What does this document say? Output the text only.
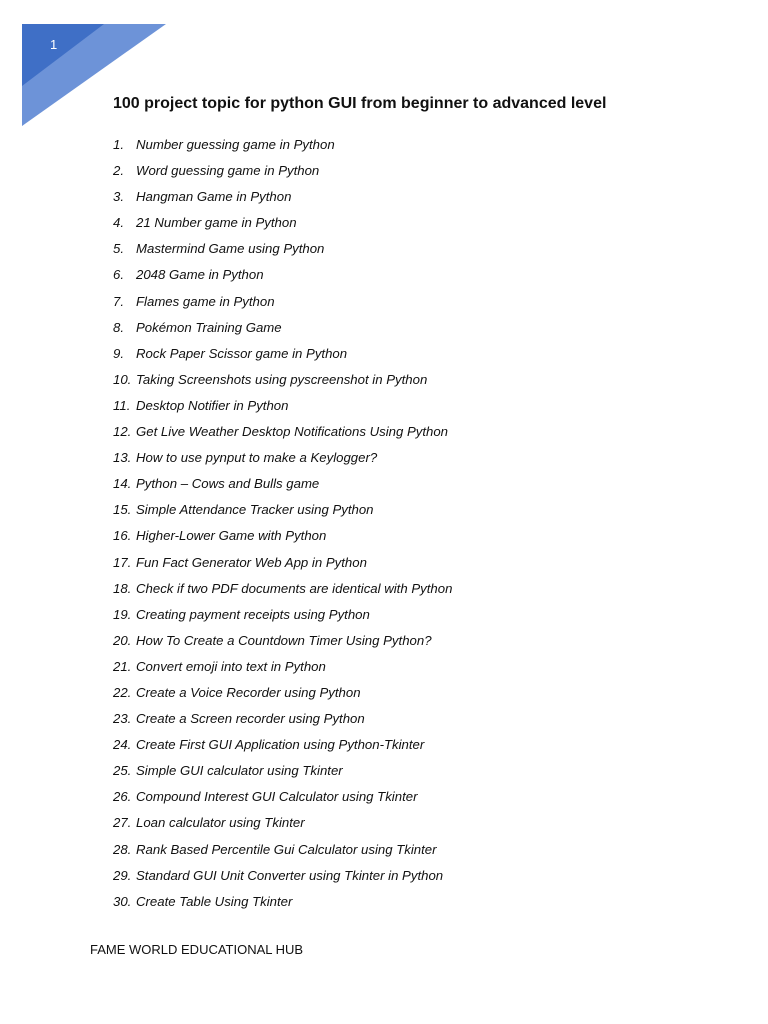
1
100 project topic for python GUI from beginner to advanced level
1. Number guessing game in Python
2. Word guessing game in Python
3. Hangman Game in Python
4. 21 Number game in Python
5. Mastermind Game using Python
6. 2048 Game in Python
7. Flames game in Python
8. Pokémon Training Game
9. Rock Paper Scissor game in Python
10. Taking Screenshots using pyscreenshot in Python
11. Desktop Notifier in Python
12. Get Live Weather Desktop Notifications Using Python
13. How to use pynput to make a Keylogger?
14. Python – Cows and Bulls game
15. Simple Attendance Tracker using Python
16. Higher-Lower Game with Python
17. Fun Fact Generator Web App in Python
18. Check if two PDF documents are identical with Python
19. Creating payment receipts using Python
20. How To Create a Countdown Timer Using Python?
21. Convert emoji into text in Python
22. Create a Voice Recorder using Python
23. Create a Screen recorder using Python
24. Create First GUI Application using Python-Tkinter
25. Simple GUI calculator using Tkinter
26. Compound Interest GUI Calculator using Tkinter
27. Loan calculator using Tkinter
28. Rank Based Percentile Gui Calculator using Tkinter
29. Standard GUI Unit Converter using Tkinter in Python
30. Create Table Using Tkinter
FAME WORLD EDUCATIONAL HUB
